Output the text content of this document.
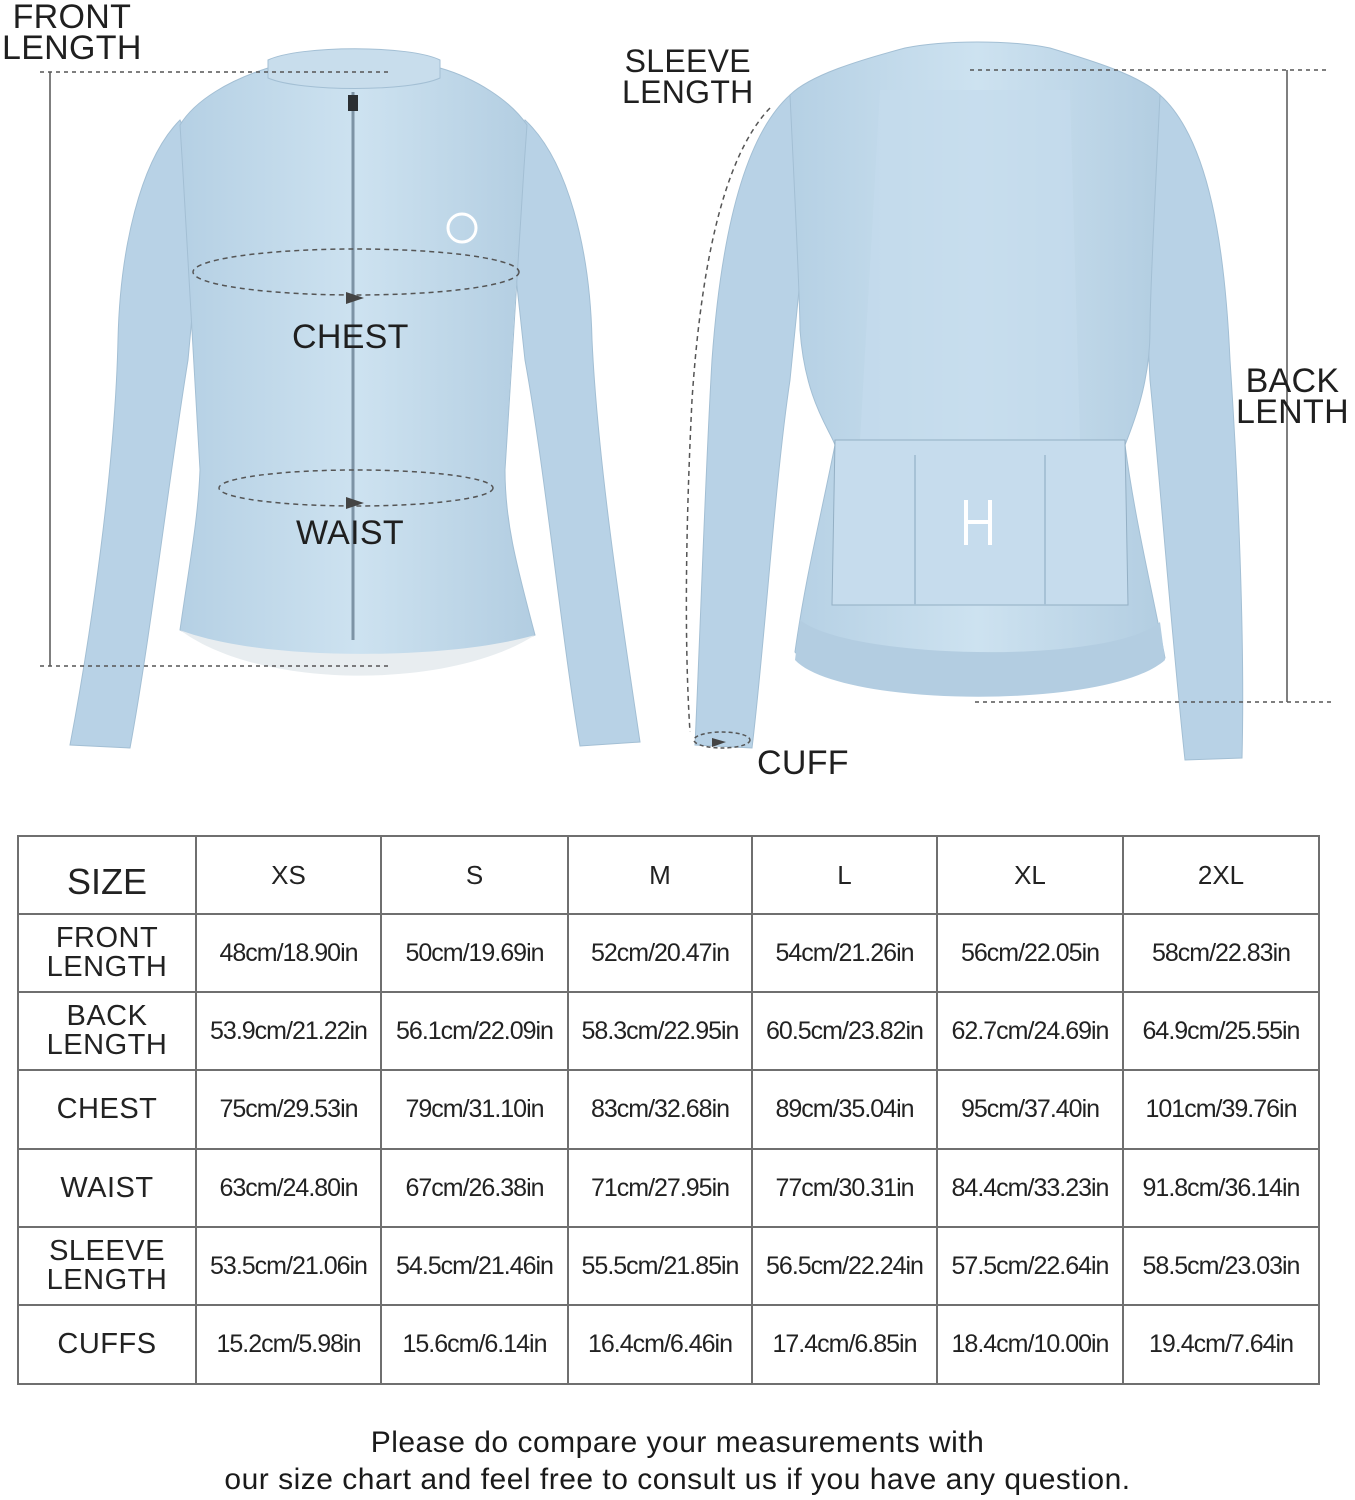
FRONT
LENGTH	SLEEVE
LENGTH
BACK
LENTH
CHEST
WAIST
CUFF
SIZE	XS	S	M	L	XL	2XL
FRONT
LENGTH	48cm/18.90in	50cm/19.69in	52cm/20.47in	54cm/21.26in	56cm/22.05in	58cm/22.83in
BACK
LENGTH	53.9cm/21.22in	56.1cm/22.09in	58.3cm/22.95in	60.5cm/23.82in	62.7cm/24.69in	64.9cm/25.55in
CHEST	75cm/29.53in	79cm/31.10in	83cm/32.68in	89cm/35.04in	95cm/37.40in	101cm/39.76in
WAIST	63cm/24.80in	67cm/26.38in	71cm/27.95in	77cm/30.31in	84.4cm/33.23in	91.8cm/36.14in
SLEEVE
LENGTH	53.5cm/21.06in	54.5cm/21.46in	55.5cm/21.85in	56.5cm/22.24in	57.5cm/22.64in	58.5cm/23.03in
CUFFS	15.2cm/5.98in	15.6cm/6.14in	16.4cm/6.46in	17.4cm/6.85in	18.4cm/10.00in	19.4cm/7.64in
Please do compare your measurements with
our size chart and feel free to consult us if you have any question.
